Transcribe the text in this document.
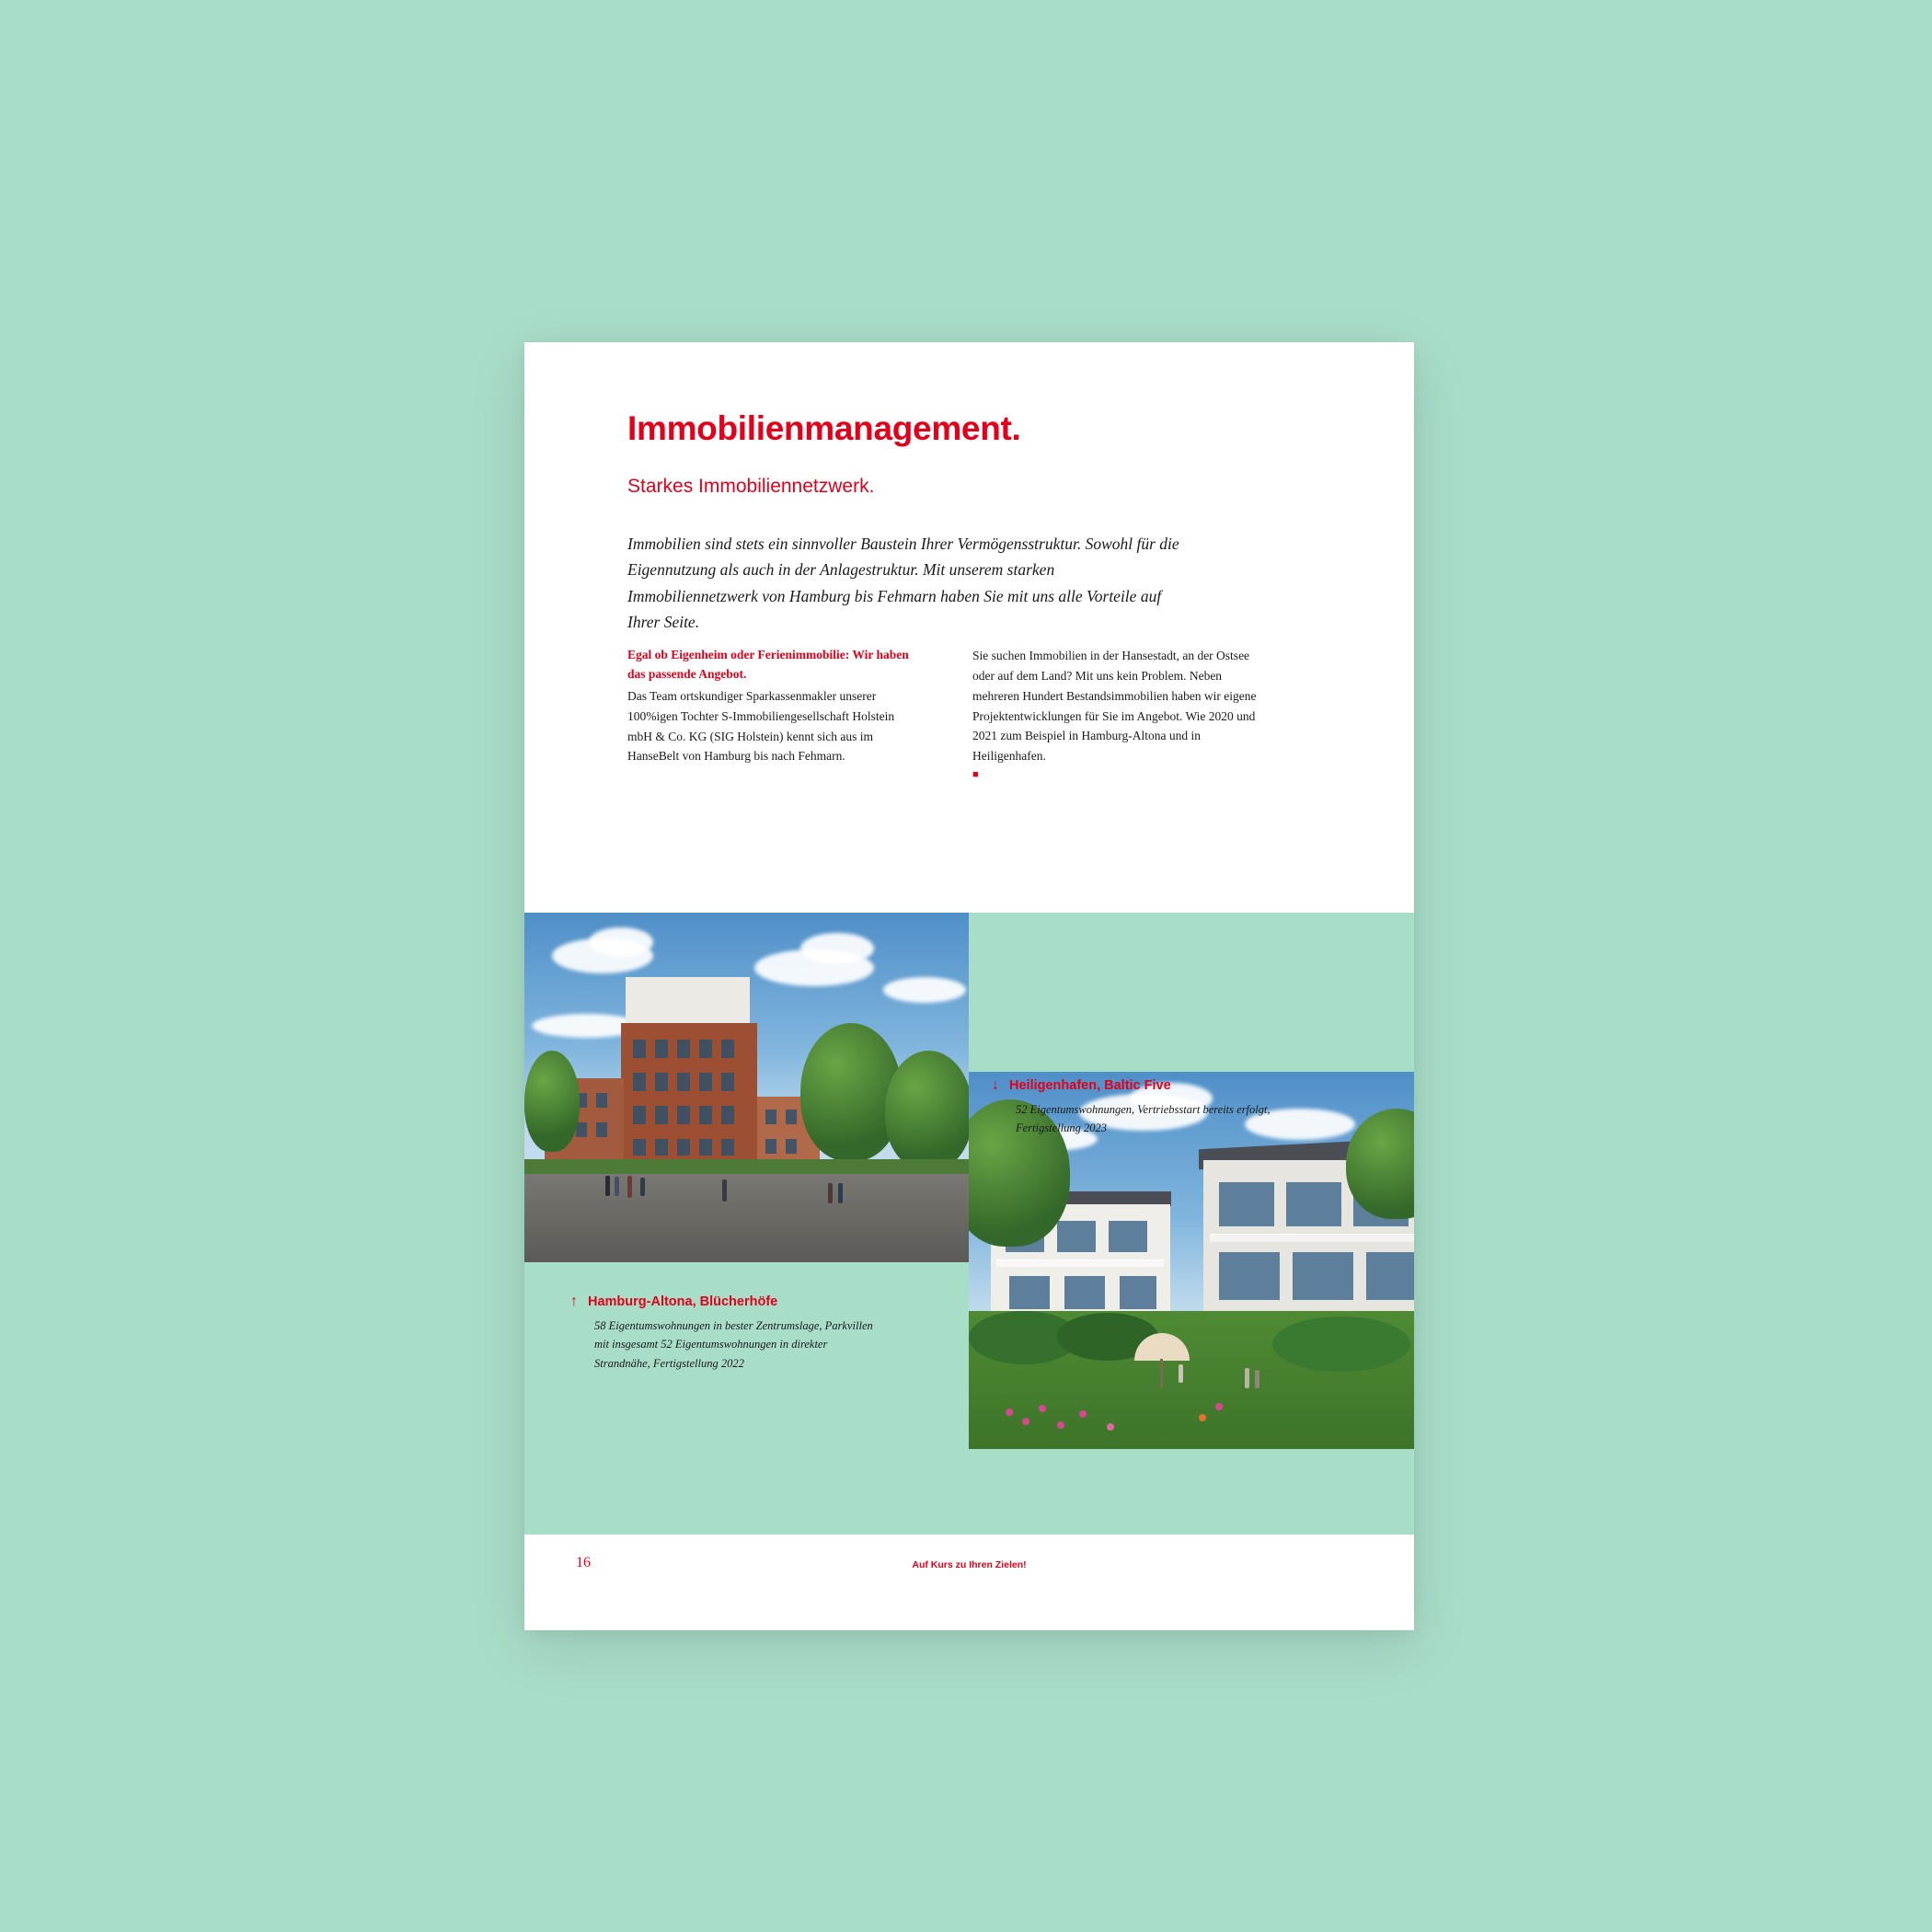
Immobilienmanagement.
Starkes Immobiliennetzwerk.
Immobilien sind stets ein sinnvoller Baustein Ihrer Vermögensstruktur. Sowohl für die Eigennutzung als auch in der Anlagestruktur. Mit unserem starken Immobiliennetzwerk von Hamburg bis Fehmarn haben Sie mit uns alle Vorteile auf Ihrer Seite.
Egal ob Eigenheim oder Ferienimmobilie: Wir haben das passende Angebot.
Das Team ortskundiger Sparkassenmakler unserer 100%igen Tochter S-Immobiliengesellschaft Holstein mbH & Co. KG (SIG Holstein) kennt sich aus im HanseBelt von Hamburg bis nach Fehmarn.
Sie suchen Immobilien in der Hansestadt, an der Ostsee oder auf dem Land? Mit uns kein Problem. Neben mehreren Hundert Bestandsimmobilien haben wir eigene Projektentwicklungen für Sie im Angebot. Wie 2020 und 2021 zum Beispiel in Hamburg-Altona und in Heiligenhafen.
■
↑ Hamburg-Altona, Blücherhöfe
58 Eigentumswohnungen in bester Zentrumslage, Parkvillen mit insgesamt 52 Eigentumswohnungen in direkter Strandnähe, Fertigstellung 2022
↓ Heiligenhafen, Baltic Five
52 Eigentumswohnungen, Vertriebsstart bereits erfolgt, Fertigstellung 2023
16	Auf Kurs zu Ihren Zielen!
